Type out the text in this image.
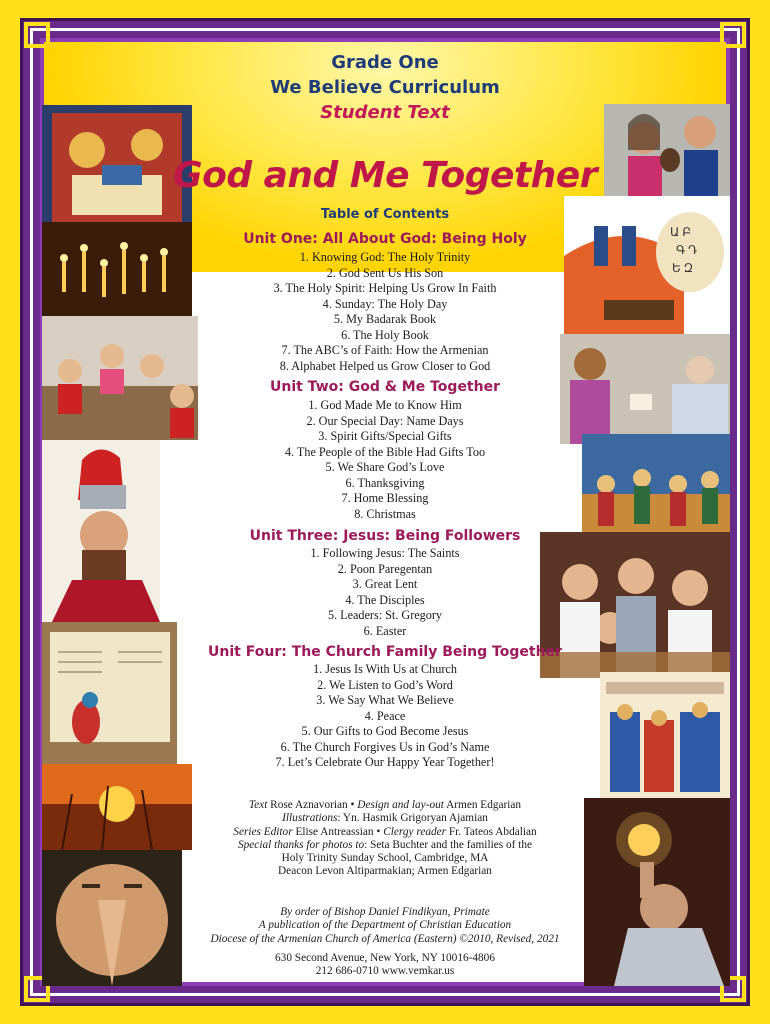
Ա Բ
Գ Դ
Ե Զ
Grade One
We Believe Curriculum
Student Text
God and Me Together
Table of Contents
Unit One: All About God: Being Holy
1. Knowing God: The Holy Trinity
2. God Sent Us His Son
3. The Holy Spirit: Helping Us Grow In Faith
4. Sunday: The Holy Day
5. My Badarak Book
6. The Holy Book
7. The ABC’s of Faith: How the Armenian
8. Alphabet Helped us Grow Closer to God
Unit Two: God & Me Together
1. God Made Me to Know Him
2. Our Special Day: Name Days
3. Spirit Gifts/Special Gifts
4. The People of the Bible Had Gifts Too
5. We Share God’s Love
6. Thanksgiving
7. Home Blessing
8. Christmas
Unit Three: Jesus: Being Followers
1. Following Jesus: The Saints
2. Poon Paregentan
3. Great Lent
4. The Disciples
5. Leaders: St. Gregory
6. Easter
Unit Four: The Church Family Being Together
1. Jesus Is With Us at Church
2. We Listen to God’s Word
3. We Say What We Believe
4. Peace
5. Our Gifts to God Become Jesus
6. The Church Forgives Us in God’s Name
7. Let’s Celebrate Our Happy Year Together!
Text Rose Aznavorian • Design and lay-out Armen Edgarian
Illustrations: Yn. Hasmik Grigoryan Ajamian
Series Editor Elise Antreassian • Clergy reader Fr. Tateos Abdalian
Special thanks for photos to: Seta Buchter and the families of the
Holy Trinity Sunday School, Cambridge, MA
Deacon Levon Altiparmakian; Armen Edgarian
By order of Bishop Daniel Findikyan, Primate
A publication of the Department of Christian Education
Diocese of the Armenian Church of America (Eastern) ©2010, Revised, 2021
630 Second Avenue, New York, NY 10016-4806
212 686-0710 www.vemkar.us
